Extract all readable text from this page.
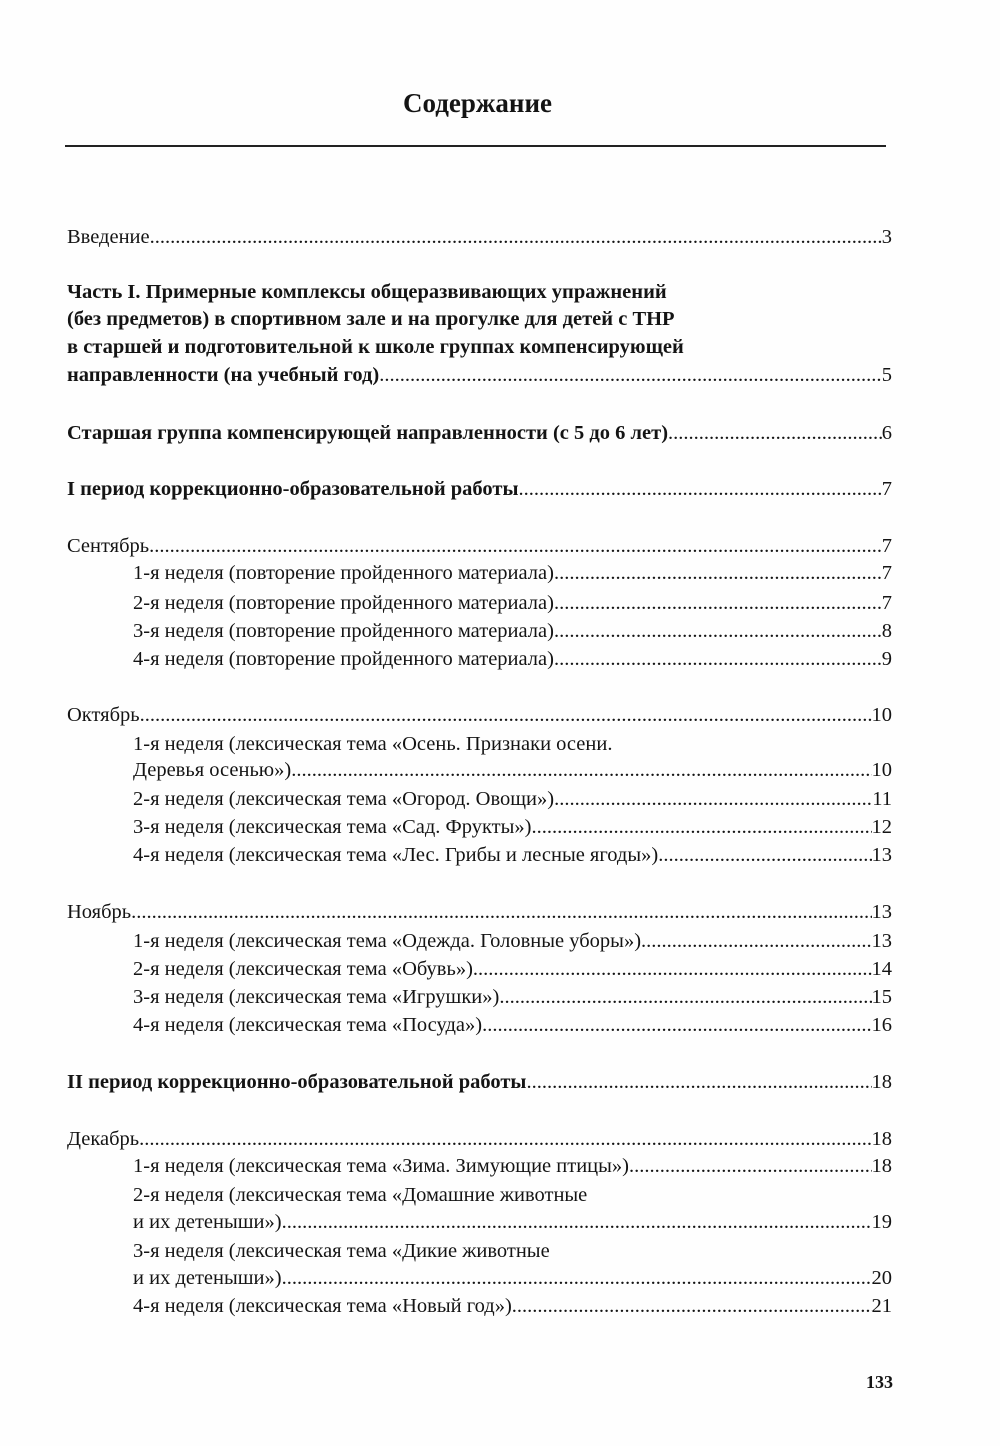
Содержание
Введение .....	3
Часть I. Примерные комплексы общеразвивающих упражнений
(без предметов) в спортивном зале и на прогулке для детей с ТНР
в старшей и подготовительной к школе группах компенсирующей
направленности (на учебный год) .....	5
Старшая группа компенсирующей направленности (с 5 до 6 лет) .....	6
I период коррекционно-образовательной работы .....	7
Сентябрь .....	7
1-я неделя (повторение пройденного материала) .....	7
2-я неделя (повторение пройденного материала) .....	7
3-я неделя (повторение пройденного материала) .....	8
4-я неделя (повторение пройденного материала) .....	9
Октябрь .....	10
1-я неделя (лексическая тема «Осень. Признаки осени.
Деревья осенью») .....	10
2-я неделя (лексическая тема «Огород. Овощи») .....	11
3-я неделя (лексическая тема «Сад. Фрукты») .....	12
4-я неделя (лексическая тема «Лес. Грибы и лесные ягоды») .....	13
Ноябрь .....	13
1-я неделя (лексическая тема «Одежда. Головные уборы») .....	13
2-я неделя (лексическая тема «Обувь») .....	14
3-я неделя (лексическая тема «Игрушки») .....	15
4-я неделя (лексическая тема «Посуда») .....	16
II период коррекционно-образовательной работы .....	18
Декабрь .....	18
1-я неделя (лексическая тема «Зима. Зимующие птицы») .....	18
2-я неделя (лексическая тема «Домашние животные
и их детеныши») .....	19
3-я неделя (лексическая тема «Дикие животные
и их детеныши») .....	20
4-я неделя (лексическая тема «Новый год») .....	21
133
